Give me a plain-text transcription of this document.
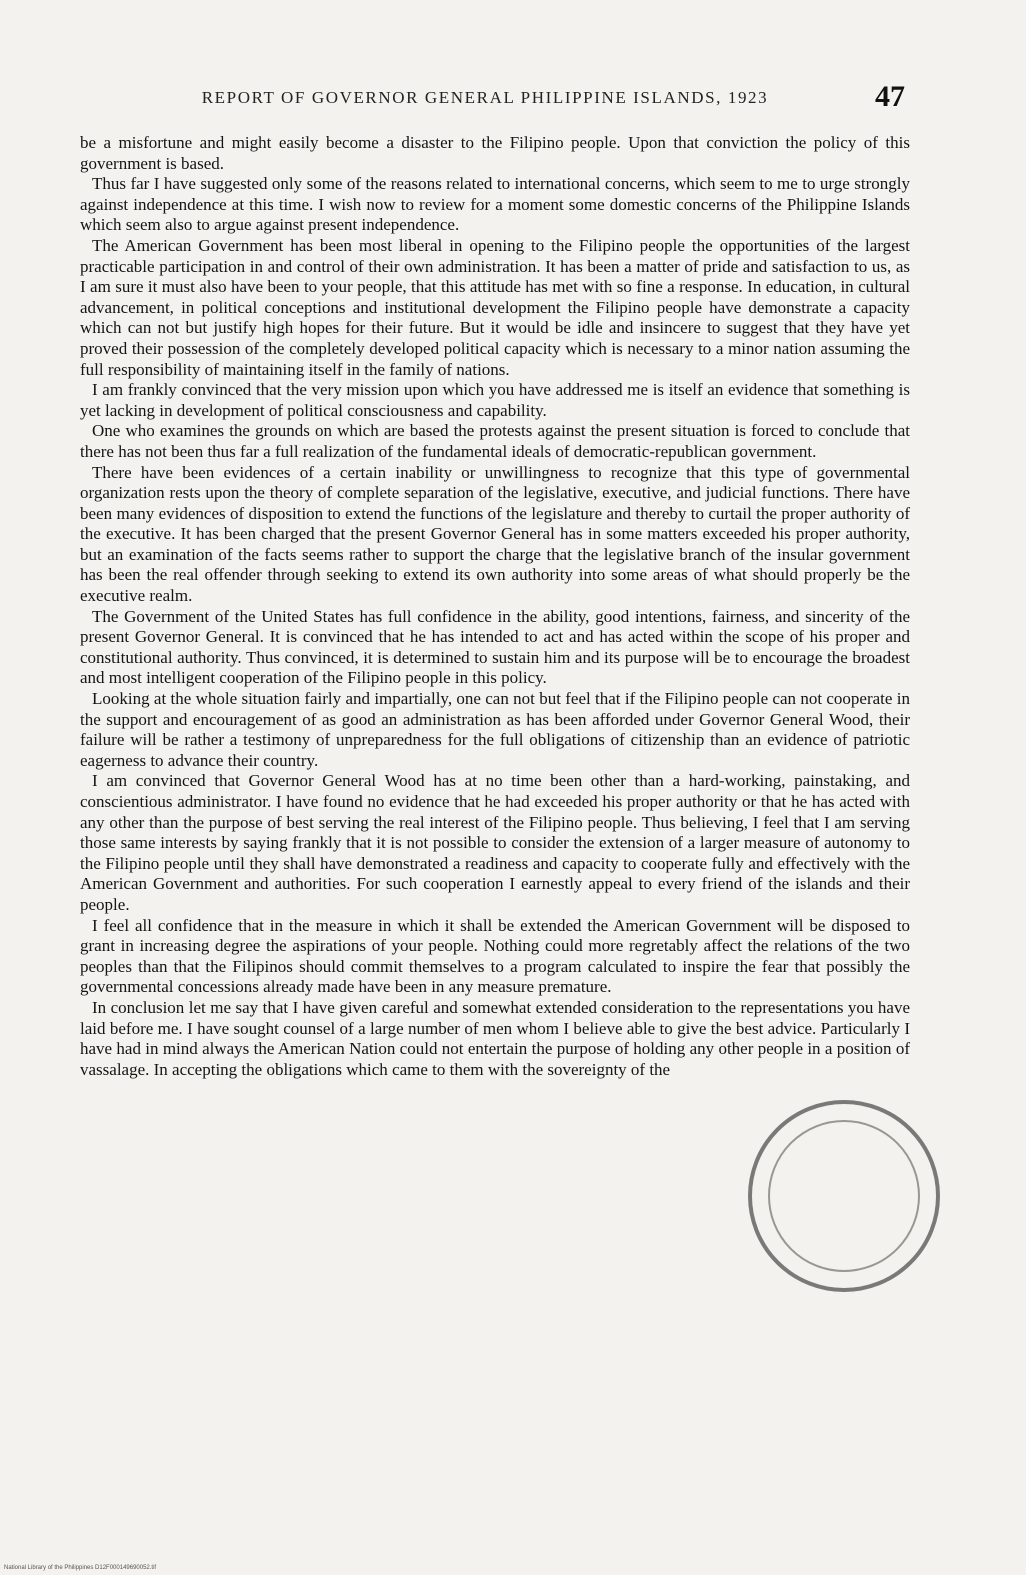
REPORT OF GOVERNOR GENERAL PHILIPPINE ISLANDS, 1923	47

be a misfortune and might easily become a disaster to the Filipino people. Upon that conviction the policy of this government is based.

Thus far I have suggested only some of the reasons related to international concerns, which seem to me to urge strongly against independence at this time. I wish now to review for a moment some domestic concerns of the Philippine Islands which seem also to argue against present independence.

The American Government has been most liberal in opening to the Filipino people the opportunities of the largest practicable participation in and control of their own administration. It has been a matter of pride and satisfaction to us, as I am sure it must also have been to your people, that this attitude has met with so fine a response. In education, in cultural advancement, in political conceptions and institutional development the Filipino people have demonstrate a capacity which can not but justify high hopes for their future. But it would be idle and insincere to suggest that they have yet proved their possession of the completely developed political capacity which is necessary to a minor nation assuming the full responsibility of maintaining itself in the family of nations.

I am frankly convinced that the very mission upon which you have addressed me is itself an evidence that something is yet lacking in development of political consciousness and capability.

One who examines the grounds on which are based the protests against the present situation is forced to conclude that there has not been thus far a full realization of the fundamental ideals of democratic-republican government.

There have been evidences of a certain inability or unwillingness to recognize that this type of governmental organization rests upon the theory of complete separation of the legislative, executive, and judicial functions. There have been many evidences of disposition to extend the functions of the legislature and thereby to curtail the proper authority of the executive. It has been charged that the present Governor General has in some matters exceeded his proper authority, but an examination of the facts seems rather to support the charge that the legislative branch of the insular government has been the real offender through seeking to extend its own authority into some areas of what should properly be the executive realm.

The Government of the United States has full confidence in the ability, good intentions, fairness, and sincerity of the present Governor General. It is convinced that he has intended to act and has acted within the scope of his proper and constitutional authority. Thus convinced, it is determined to sustain him and its purpose will be to encourage the broadest and most intelligent cooperation of the Filipino people in this policy.

Looking at the whole situation fairly and impartially, one can not but feel that if the Filipino people can not cooperate in the support and encouragement of as good an administration as has been afforded under Governor General Wood, their failure will be rather a testimony of unpreparedness for the full obligations of citizenship than an evidence of patriotic eagerness to advance their country.

I am convinced that Governor General Wood has at no time been other than a hard-working, painstaking, and conscientious administrator. I have found no evidence that he had exceeded his proper authority or that he has acted with any other than the purpose of best serving the real interest of the Filipino people. Thus believing, I feel that I am serving those same interests by saying frankly that it is not possible to consider the extension of a larger measure of autonomy to the Filipino people until they shall have demonstrated a readiness and capacity to cooperate fully and effectively with the American Government and authorities. For such cooperation I earnestly appeal to every friend of the islands and their people.

I feel all confidence that in the measure in which it shall be extended the American Government will be disposed to grant in increasing degree the aspirations of your people. Nothing could more regretably affect the relations of the two peoples than that the Filipinos should commit themselves to a program calculated to inspire the fear that possibly the governmental concessions already made have been in any measure premature.

In conclusion let me say that I have given careful and somewhat extended consideration to the representations you have laid before me. I have sought counsel of a large number of men whom I believe able to give the best advice. Particularly I have had in mind always the American Nation could not entertain the purpose of holding any other people in a position of vassalage. In accepting the obligations which came to them with the sovereignty of the

National Library of the Philippines D12F000149690052.tif
